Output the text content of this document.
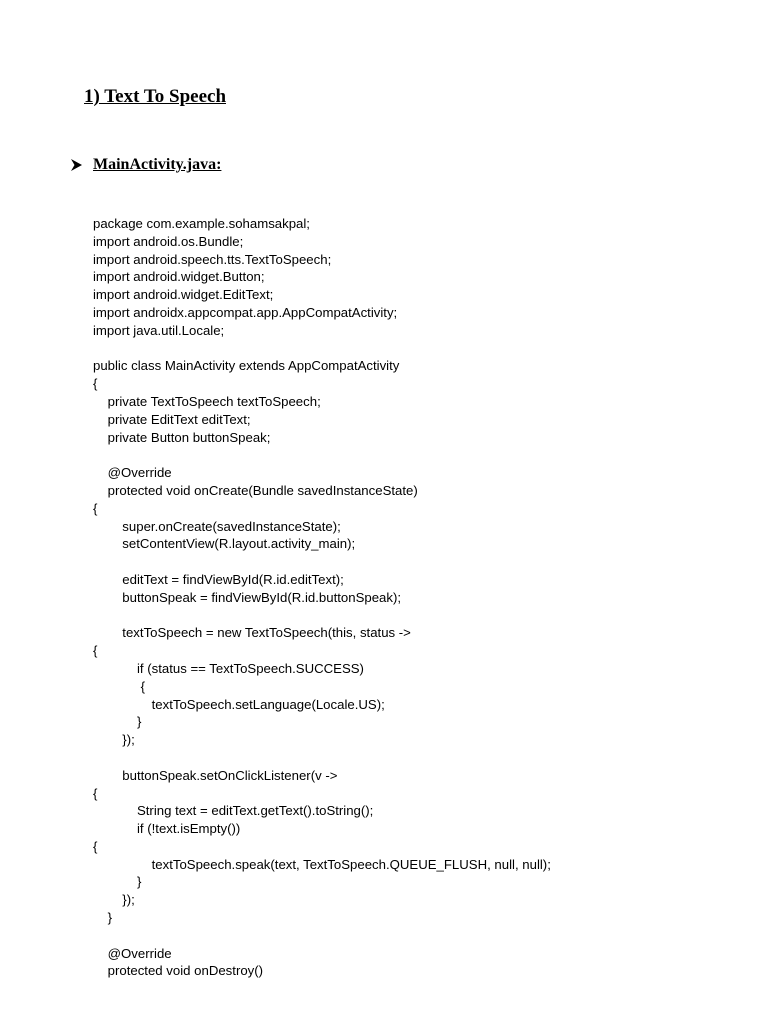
1) Text To Speech
MainActivity.java:
package com.example.sohamsakpal;
import android.os.Bundle;
import android.speech.tts.TextToSpeech;
import android.widget.Button;
import android.widget.EditText;
import androidx.appcompat.app.AppCompatActivity;
import java.util.Locale;
public class MainActivity extends AppCompatActivity
{
private TextToSpeech textToSpeech;
private EditText editText;
private Button buttonSpeak;
@Override
protected void onCreate(Bundle savedInstanceState)
{
super.onCreate(savedInstanceState);
setContentView(R.layout.activity_main);
editText = findViewById(R.id.editText);
buttonSpeak = findViewById(R.id.buttonSpeak);
textToSpeech = new TextToSpeech(this, status ->
{
if (status == TextToSpeech.SUCCESS)
{
textToSpeech.setLanguage(Locale.US);
}
});
buttonSpeak.setOnClickListener(v ->
{
String text = editText.getText().toString();
if (!text.isEmpty())
{
textToSpeech.speak(text, TextToSpeech.QUEUE_FLUSH, null, null);
}
});
}
@Override
protected void onDestroy()
